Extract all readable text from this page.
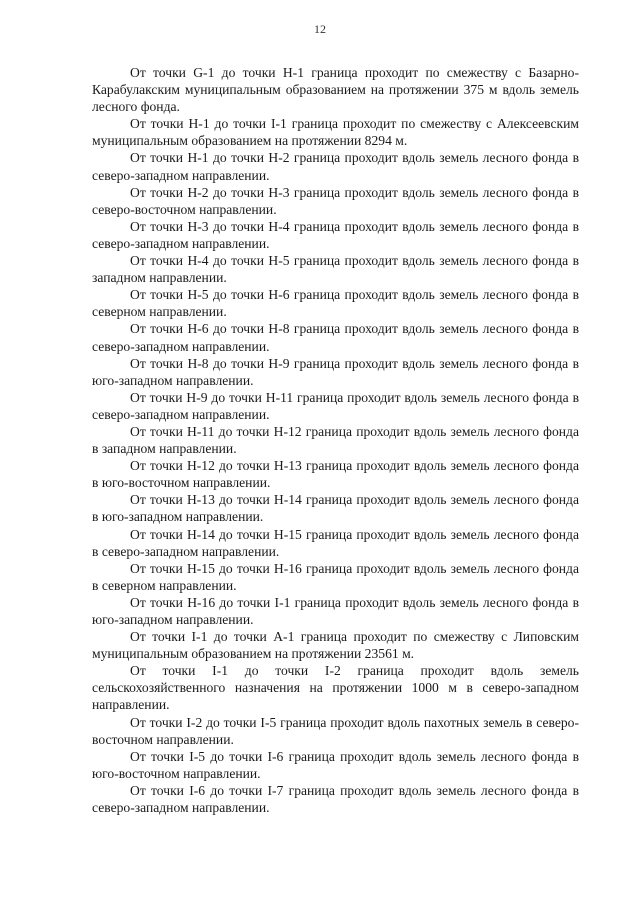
12

От точки G-1 до точки Н-1 граница проходит по смежеству с Базарно-Карабулакским муниципальным образованием на протяжении 375 м вдоль земель лесного фонда.

От точки Н-1 до точки I-1 граница проходит по смежеству с Алексеевским муниципальным образованием на протяжении 8294 м.

От точки Н-1 до точки Н-2 граница проходит вдоль земель лесного фонда в северо-западном направлении.

От точки Н-2 до точки Н-3 граница проходит вдоль земель лесного фонда в северо-восточном направлении.

От точки Н-3 до точки Н-4 граница проходит вдоль земель лесного фонда в северо-западном направлении.

От точки Н-4 до точки Н-5 граница проходит вдоль земель лесного фонда в западном направлении.

От точки Н-5 до точки Н-6 граница проходит вдоль земель лесного фонда в северном направлении.

От точки Н-6 до точки Н-8 граница проходит вдоль земель лесного фонда в северо-западном направлении.

От точки Н-8 до точки Н-9 граница проходит вдоль земель лесного фонда в юго-западном направлении.

От точки Н-9 до точки Н-11 граница проходит вдоль земель лесного фонда в северо-западном направлении.

От точки Н-11 до точки Н-12 граница проходит вдоль земель лесного фонда в западном направлении.

От точки Н-12 до точки Н-13 граница проходит вдоль земель лесного фонда в юго-восточном направлении.

От точки Н-13 до точки Н-14 граница проходит вдоль земель лесного фонда в юго-западном направлении.

От точки Н-14 до точки Н-15 граница проходит вдоль земель лесного фонда в северо-западном направлении.

От точки Н-15 до точки Н-16 граница проходит вдоль земель лесного фонда в северном направлении.

От точки Н-16 до точки I-1 граница проходит вдоль земель лесного фонда в юго-западном направлении.

От точки I-1 до точки А-1 граница проходит по смежеству с Липовским муниципальным образованием на протяжении 23561 м.

От точки I-1 до точки I-2 граница проходит вдоль земель сельскохозяйственного назначения на протяжении 1000 м в северо-западном направлении.

От точки I-2 до точки I-5 граница проходит вдоль пахотных земель в северо-восточном направлении.

От точки I-5 до точки I-6 граница проходит вдоль земель лесного фонда в юго-восточном направлении.

От точки I-6 до точки I-7 граница проходит вдоль земель лесного фонда в северо-западном направлении.
